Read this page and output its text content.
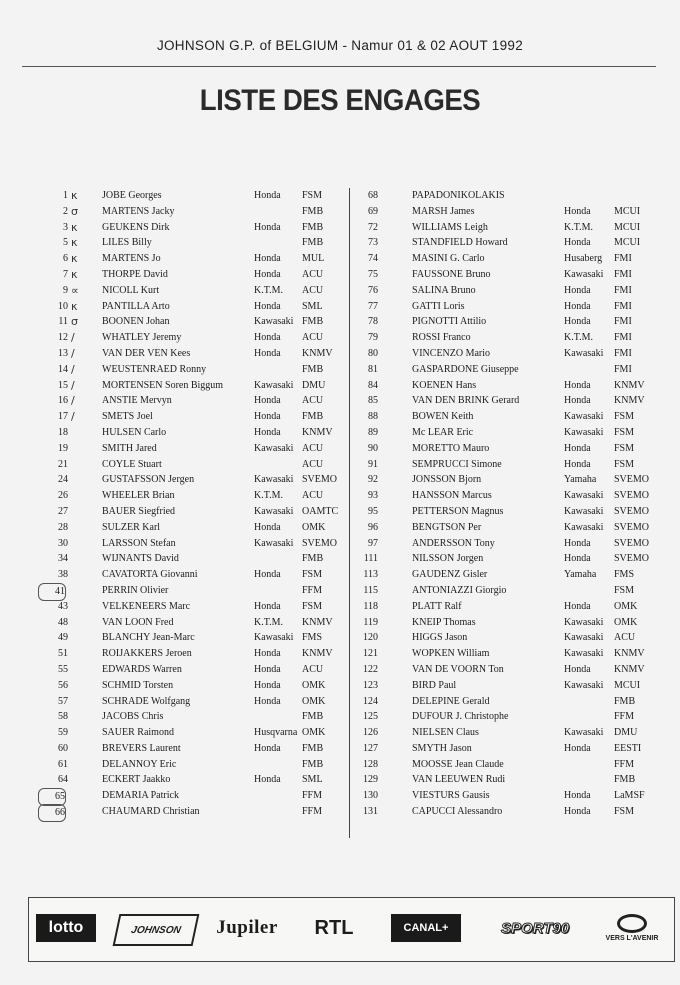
JOHNSON G.P. of BELGIUM - Namur 01 & 02 AOUT 1992
LISTE DES ENGAGES
1 κ JOBE Georges	Honda FSM
2 σ MARTENS Jacky	FMB
3 κ GEUKENS Dirk	Honda FMB
5 κ LILES Billy	FMB
6 κ MARTENS Jo	Honda MUL
7 κ THORPE David	Honda ACU
9 ∝ NICOLL Kurt	K.T.M. ACU
10 κ PANTILLA Arto	Honda SML
11 σ BOONEN Johan	Kawasaki FMB
12 /	WHATLEY Jeremy	Honda ACU
13 /	VAN DER VEN Kees	Honda KNMV
14 /	WEUSTENRAED Ronny	FMB
15 /	MORTENSEN Soren Biggum	Kawasaki DMU
16 /	ANSTIE Mervyn	Honda ACU
17 /	SMETS Joel	Honda FMB
18	HULSEN Carlo	Honda KNMV
19	SMITH Jared	Kawasaki ACU
21	COYLE Stuart	ACU
24	GUSTAFSSON Jergen	Kawasaki SVEMO
26	WHEELER Brian	K.T.M. ACU
27	BAUER Siegfried	Kawasaki OAMTC
28	SULZER Karl	Honda OMK
30	LARSSON Stefan	Kawasaki SVEMO
34	WIJNANTS David	FMB
38	CAVATORTA Giovanni	Honda FSM
41	PERRIN Olivier	FFM
43	VELKENEERS Marc	Honda FSM
48	VAN LOON Fred	K.T.M. KNMV
49	BLANCHY Jean-Marc	Kawasaki FMS
51	ROIJAKKERS Jeroen	Honda KNMV
55	EDWARDS Warren	Honda ACU
56	SCHMID Torsten	Honda OMK
57	SCHRADE Wolfgang	Honda OMK
58	JACOBS Chris	FMB
59	SAUER Raimond	Husqvarna OMK
60	BREVERS Laurent	Honda FMB
61	DELANNOY Eric	FMB
64	ECKERT Jaakko	Honda SML
65	DEMARIA Patrick	FFM
66	CHAUMARD Christian	FFM
68	PAPADONIKOLAKIS
69	MARSH James	Honda MCUI
72	WILLIAMS Leigh	K.T.M. MCUI
73	STANDFIELD Howard	Honda MCUI
74	MASINI G. Carlo	Husaberg FMI
75	FAUSSONE Bruno	Kawasaki FMI
76	SALINA Bruno	Honda FMI
77	GATTI Loris	Honda FMI
78	PIGNOTTI Attilio	Honda FMI
79	ROSSI Franco	K.T.M. FMI
80	VINCENZO Mario	Kawasaki FMI
81	GASPARDONE Giuseppe	FMI
84	KOENEN Hans	Honda KNMV
85	VAN DEN BRINK Gerard	Honda KNMV
88	BOWEN Keith	Kawasaki FSM
89	Mc LEAR Eric	Kawasaki FSM
90	MORETTO Mauro	Honda FSM
91	SEMPRUCCI Simone	Honda FSM
92	JONSSON Bjorn	Yamaha SVEMO
93	HANSSON Marcus	Kawasaki SVEMO
95	PETTERSON Magnus	Kawasaki SVEMO
96	BENGTSON Per	Kawasaki SVEMO
97	ANDERSSON Tony	Honda SVEMO
111	NILSSON Jorgen	Honda SVEMO
113	GAUDENZ Gisler	Yamaha FMS
115	ANTONIAZZI Giorgio	FSM
118	PLATT Ralf	Honda OMK
119	KNEIP Thomas	Kawasaki OMK
120	HIGGS Jason	Kawasaki ACU
121	WOPKEN William	Kawasaki KNMV
122	VAN DE VOORN Ton	Honda KNMV
123	BIRD Paul	Kawasaki MCUI
124	DELEPINE Gerald	FMB
125	DUFOUR J. Christophe	FFM
126	NIELSEN Claus	Kawasaki DMU
127	SMYTH Jason	Honda EESTI
128	MOOSSE Jean Claude	FFM
129	VAN LEEUWEN Rudi	FMB
130	VIESTURS Gausis	Honda LaMSF
131	CAPUCCI Alessandro	Honda FSM
lotto	JOHNSON	Jupiler	RTL	CANAL+	SPORT90
VERS L'AVENIR
